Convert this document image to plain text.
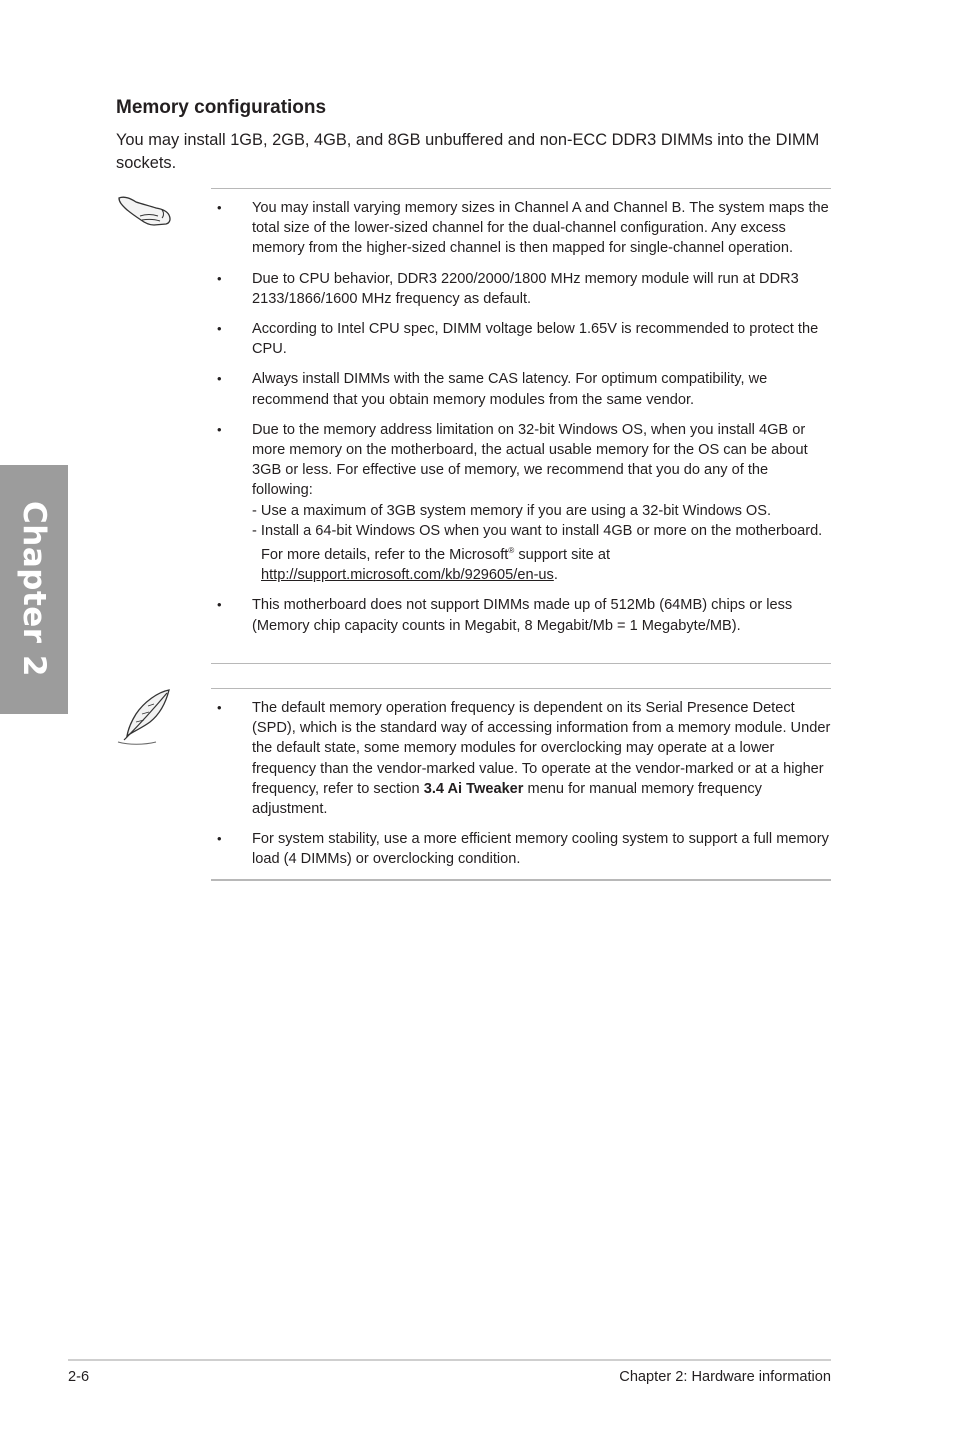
Chapter 2
Memory configurations

You may install 1GB, 2GB, 4GB, and 8GB unbuffered and non-ECC DDR3 DIMMs into the DIMM sockets.

• You may install varying memory sizes in Channel A and Channel B. The system maps the total size of the lower-sized channel for the dual-channel configuration. Any excess memory from the higher-sized channel is then mapped for single-channel operation.
• Due to CPU behavior, DDR3 2200/2000/1800 MHz memory module will run at DDR3 2133/1866/1600 MHz frequency as default.
• According to Intel CPU spec, DIMM voltage below 1.65V is recommended to protect the CPU.
• Always install DIMMs with the same CAS latency. For optimum compatibility, we recommend that you obtain memory modules from the same vendor.
• Due to the memory address limitation on 32-bit Windows OS, when you install 4GB or more memory on the motherboard, the actual usable memory for the OS can be about 3GB or less. For effective use of memory, we recommend that you do any of the following:
- Use a maximum of 3GB system memory if you are using a 32-bit Windows OS.
- Install a 64-bit Windows OS when you want to install 4GB or more on the motherboard.
For more details, refer to the Microsoft® support site at
http://support.microsoft.com/kb/929605/en-us.
• This motherboard does not support DIMMs made up of 512Mb (64MB) chips or less (Memory chip capacity counts in Megabit, 8 Megabit/Mb = 1 Megabyte/MB).
• The default memory operation frequency is dependent on its Serial Presence Detect (SPD), which is the standard way of accessing information from a memory module. Under the default state, some memory modules for overclocking may operate at a lower frequency than the vendor-marked value. To operate at the vendor-marked or at a higher frequency, refer to section 3.4 Ai Tweaker menu for manual memory frequency adjustment.
• For system stability, use a more efficient memory cooling system to support a full memory load (4 DIMMs) or overclocking condition.
2-6	Chapter 2: Hardware information
